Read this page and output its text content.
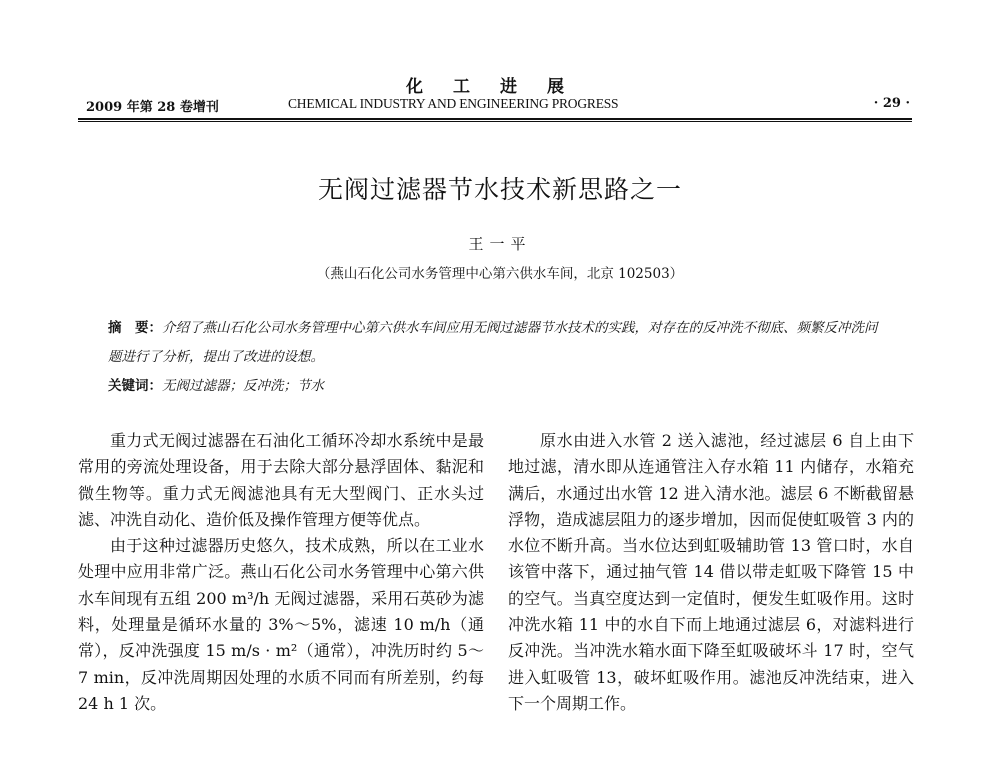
化工进展
2009 年第 28 卷增刊	CHEMICAL INDUSTRY AND ENGINEERING PROGRESS	· 29 ·
无阀过滤器节水技术新思路之一
王一平
（燕山石化公司水务管理中心第六供水车间，北京 102503）
摘　要：介绍了燕山石化公司水务管理中心第六供水车间应用无阀过滤器节水技术的实践，对存在的反冲洗不彻底、频繁反冲洗问题进行了分析，提出了改进的设想。
关键词：无阀过滤器；反冲洗；节水

重力式无阀过滤器在石油化工循环冷却水系统中是最常用的旁流处理设备，用于去除大部分悬浮固体、黏泥和微生物等。重力式无阀滤池具有无大型阀门、正水头过滤、冲洗自动化、造价低及操作管理方便等优点。

由于这种过滤器历史悠久，技术成熟，所以在工业水处理中应用非常广泛。燕山石化公司水务管理中心第六供水车间现有五组 200 m³/h 无阀过滤器，采用石英砂为滤料，处理量是循环水量的 3%～5%，滤速 10 m/h（通常），反冲洗强度 15 m/s · m²（通常），冲洗历时约 5～7 min，反冲洗周期因处理的水质不同而有所差别，约每 24 h 1 次。

原水由进入水管 2 送入滤池，经过滤层 6 自上由下地过滤，清水即从连通管注入存水箱 11 内储存，水箱充满后，水通过出水管 12 进入清水池。滤层 6 不断截留悬浮物，造成滤层阻力的逐步增加，因而促使虹吸管 3 内的水位不断升高。当水位达到虹吸辅助管 13 管口时，水自该管中落下，通过抽气管 14 借以带走虹吸下降管 15 中的空气。当真空度达到一定值时，便发生虹吸作用。这时冲洗水箱 11 中的水自下而上地通过滤层 6，对滤料进行反冲洗。当冲洗水箱水面下降至虹吸破坏斗 17 时，空气进入虹吸管 13，破坏虹吸作用。滤池反冲洗结束，进入下一个周期工作。
